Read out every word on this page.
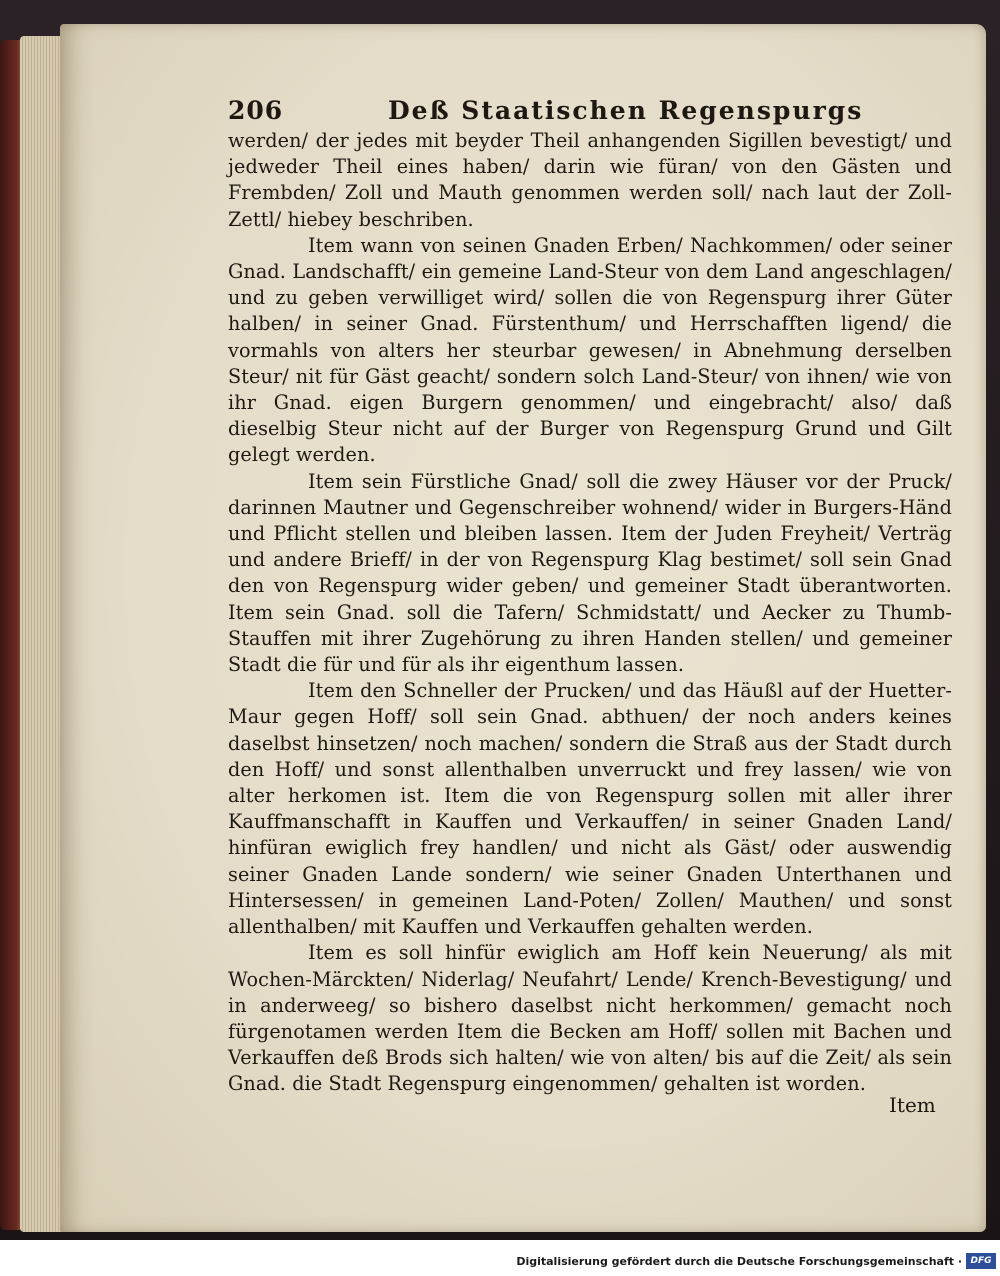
206	Deß Staatischen Regenspurgs

werden/ der jedes mit beyder Theil anhangenden Sigillen bevestigt/ und jedweder Theil eines haben/ darin wie füran/ von den Gästen und Frembden/ Zoll und Mauth genommen werden soll/ nach laut der Zoll-Zettl/ hiebey beschriben.

Item wann von seinen Gnaden Erben/ Nachkommen/ oder seiner Gnad. Landschafft/ ein gemeine Land-Steur von dem Land angeschlagen/ und zu geben verwilliget wird/ sollen die von Regenspurg ihrer Güter halben/ in seiner Gnad. Fürstenthum/ und Herrschafften ligend/ die vormahls von alters her steurbar gewesen/ in Abnehmung derselben Steur/ nit für Gäst geacht/ sondern solch Land-Steur/ von ihnen/ wie von ihr Gnad. eigen Burgern genommen/ und eingebracht/ also/ daß dieselbig Steur nicht auf der Burger von Regenspurg Grund und Gilt gelegt werden.

Item sein Fürstliche Gnad/ soll die zwey Häuser vor der Pruck/ darinnen Mautner und Gegenschreiber wohnend/ wider in Burgers-Händ und Pflicht stellen und bleiben lassen. Item der Juden Freyheit/ Verträg und andere Brieff/ in der von Regenspurg Klag bestimet/ soll sein Gnad den von Regenspurg wider geben/ und gemeiner Stadt überantworten. Item sein Gnad. soll die Tafern/ Schmidstatt/ und Aecker zu Thumb-Stauffen mit ihrer Zugehörung zu ihren Handen stellen/ und gemeiner Stadt die für und für als ihr eigenthum lassen.

Item den Schneller der Prucken/ und das Häußl auf der Huetter-Maur gegen Hoff/ soll sein Gnad. abthuen/ der noch anders keines daselbst hinsetzen/ noch machen/ sondern die Straß aus der Stadt durch den Hoff/ und sonst allenthalben unverruckt und frey lassen/ wie von alter herkomen ist. Item die von Regenspurg sollen mit aller ihrer Kauffmanschafft in Kauffen und Verkauffen/ in seiner Gnaden Land/ hinfüran ewiglich frey handlen/ und nicht als Gäst/ oder auswendig seiner Gnaden Lande sondern/ wie seiner Gnaden Unterthanen und Hintersessen/ in gemeinen Land-Poten/ Zollen/ Mauthen/ und sonst allenthalben/ mit Kauffen und Verkauffen gehalten werden.

Item es soll hinfür ewiglich am Hoff kein Neuerung/ als mit Wochen-Märckten/ Niderlag/ Neufahrt/ Lende/ Krench-Bevestigung/ und in anderweeg/ so bishero daselbst nicht herkommen/ gemacht noch fürgenotamen werden Item die Becken am Hoff/ sollen mit Bachen und Verkauffen deß Brods sich halten/ wie von alten/ bis auf die Zeit/ als sein Gnad. die Stadt Regenspurg eingenommen/ gehalten ist worden.

Item
Digitalisierung gefördert durch die Deutsche Forschungsgemeinschaft · DFG
